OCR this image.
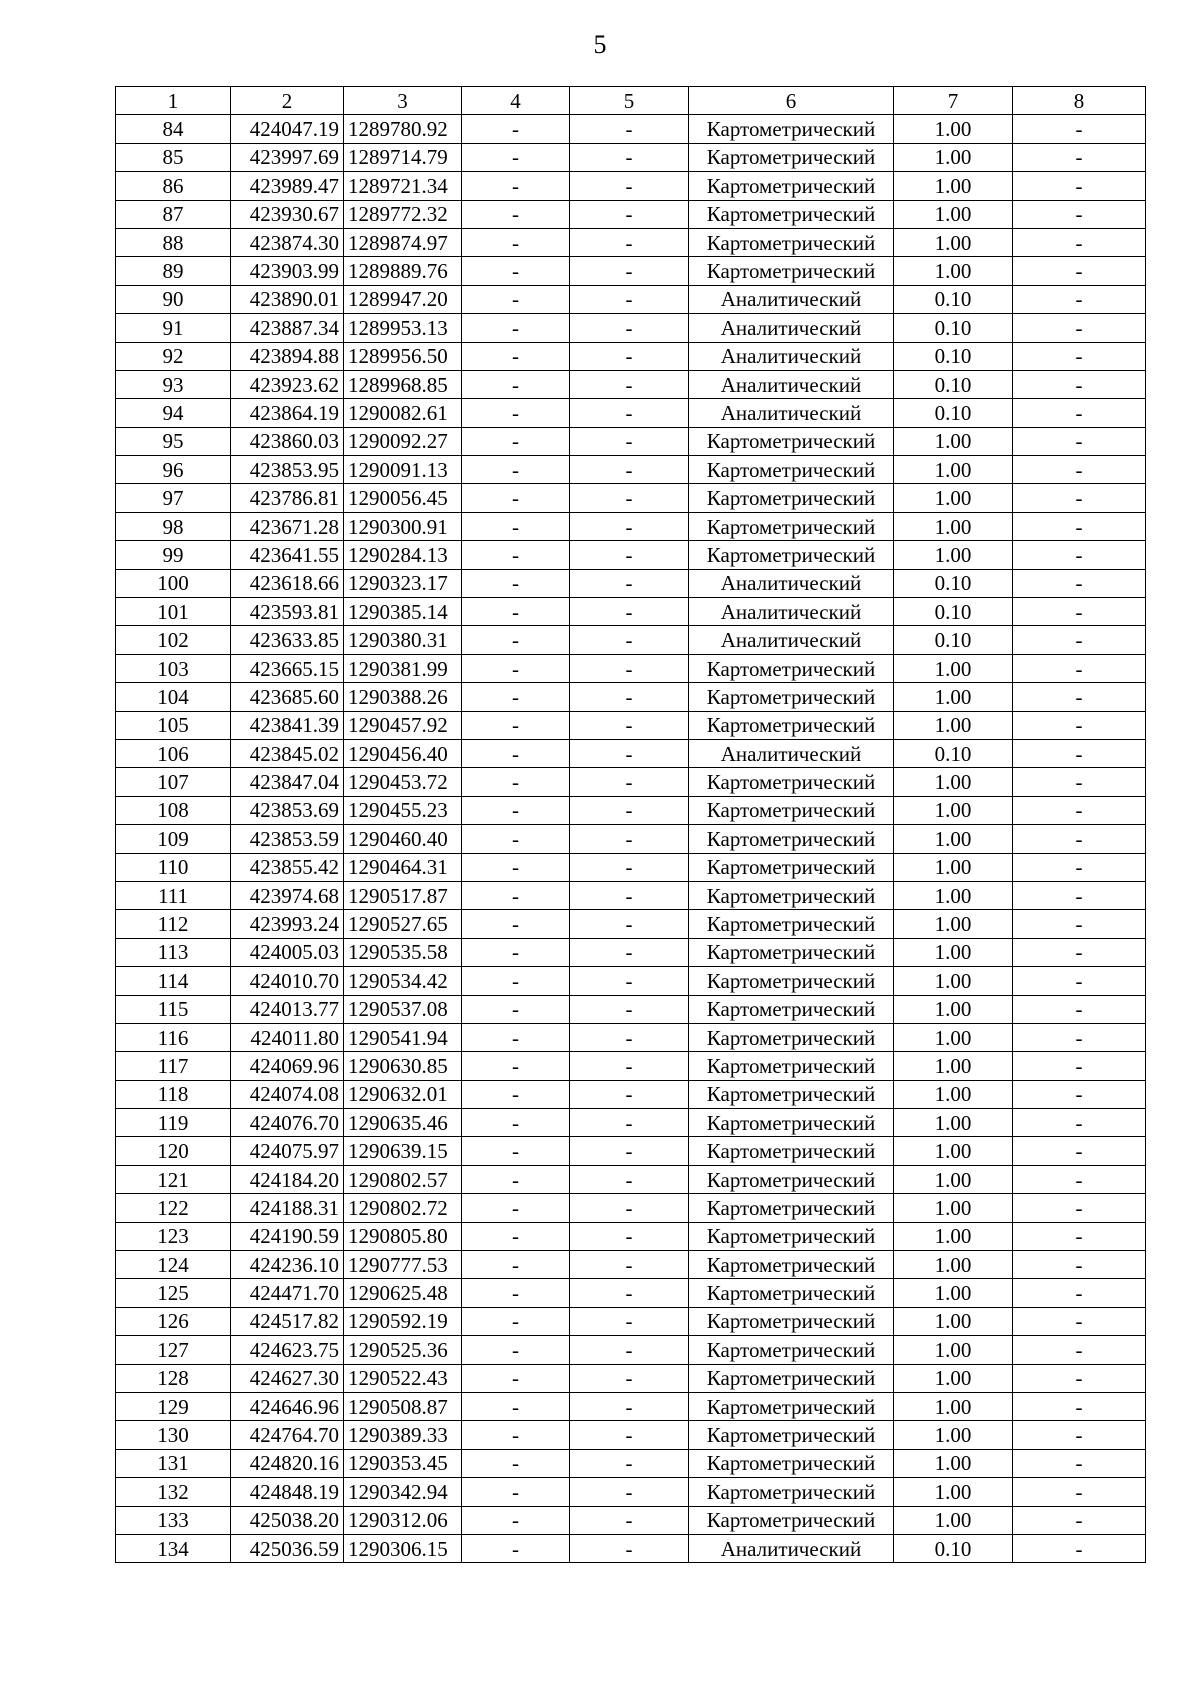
5
1	2	3	4	5	6	7	8
84	424047.19	1289780.92	-	-	Картометрический	1.00	-
85	423997.69	1289714.79	-	-	Картометрический	1.00	-
86	423989.47	1289721.34	-	-	Картометрический	1.00	-
87	423930.67	1289772.32	-	-	Картометрический	1.00	-
88	423874.30	1289874.97	-	-	Картометрический	1.00	-
89	423903.99	1289889.76	-	-	Картометрический	1.00	-
90	423890.01	1289947.20	-	-	Аналитический	0.10	-
91	423887.34	1289953.13	-	-	Аналитический	0.10	-
92	423894.88	1289956.50	-	-	Аналитический	0.10	-
93	423923.62	1289968.85	-	-	Аналитический	0.10	-
94	423864.19	1290082.61	-	-	Аналитический	0.10	-
95	423860.03	1290092.27	-	-	Картометрический	1.00	-
96	423853.95	1290091.13	-	-	Картометрический	1.00	-
97	423786.81	1290056.45	-	-	Картометрический	1.00	-
98	423671.28	1290300.91	-	-	Картометрический	1.00	-
99	423641.55	1290284.13	-	-	Картометрический	1.00	-
100	423618.66	1290323.17	-	-	Аналитический	0.10	-
101	423593.81	1290385.14	-	-	Аналитический	0.10	-
102	423633.85	1290380.31	-	-	Аналитический	0.10	-
103	423665.15	1290381.99	-	-	Картометрический	1.00	-
104	423685.60	1290388.26	-	-	Картометрический	1.00	-
105	423841.39	1290457.92	-	-	Картометрический	1.00	-
106	423845.02	1290456.40	-	-	Аналитический	0.10	-
107	423847.04	1290453.72	-	-	Картометрический	1.00	-
108	423853.69	1290455.23	-	-	Картометрический	1.00	-
109	423853.59	1290460.40	-	-	Картометрический	1.00	-
110	423855.42	1290464.31	-	-	Картометрический	1.00	-
111	423974.68	1290517.87	-	-	Картометрический	1.00	-
112	423993.24	1290527.65	-	-	Картометрический	1.00	-
113	424005.03	1290535.58	-	-	Картометрический	1.00	-
114	424010.70	1290534.42	-	-	Картометрический	1.00	-
115	424013.77	1290537.08	-	-	Картометрический	1.00	-
116	424011.80	1290541.94	-	-	Картометрический	1.00	-
117	424069.96	1290630.85	-	-	Картометрический	1.00	-
118	424074.08	1290632.01	-	-	Картометрический	1.00	-
119	424076.70	1290635.46	-	-	Картометрический	1.00	-
120	424075.97	1290639.15	-	-	Картометрический	1.00	-
121	424184.20	1290802.57	-	-	Картометрический	1.00	-
122	424188.31	1290802.72	-	-	Картометрический	1.00	-
123	424190.59	1290805.80	-	-	Картометрический	1.00	-
124	424236.10	1290777.53	-	-	Картометрический	1.00	-
125	424471.70	1290625.48	-	-	Картометрический	1.00	-
126	424517.82	1290592.19	-	-	Картометрический	1.00	-
127	424623.75	1290525.36	-	-	Картометрический	1.00	-
128	424627.30	1290522.43	-	-	Картометрический	1.00	-
129	424646.96	1290508.87	-	-	Картометрический	1.00	-
130	424764.70	1290389.33	-	-	Картометрический	1.00	-
131	424820.16	1290353.45	-	-	Картометрический	1.00	-
132	424848.19	1290342.94	-	-	Картометрический	1.00	-
133	425038.20	1290312.06	-	-	Картометрический	1.00	-
134	425036.59	1290306.15	-	-	Аналитический	0.10	-
